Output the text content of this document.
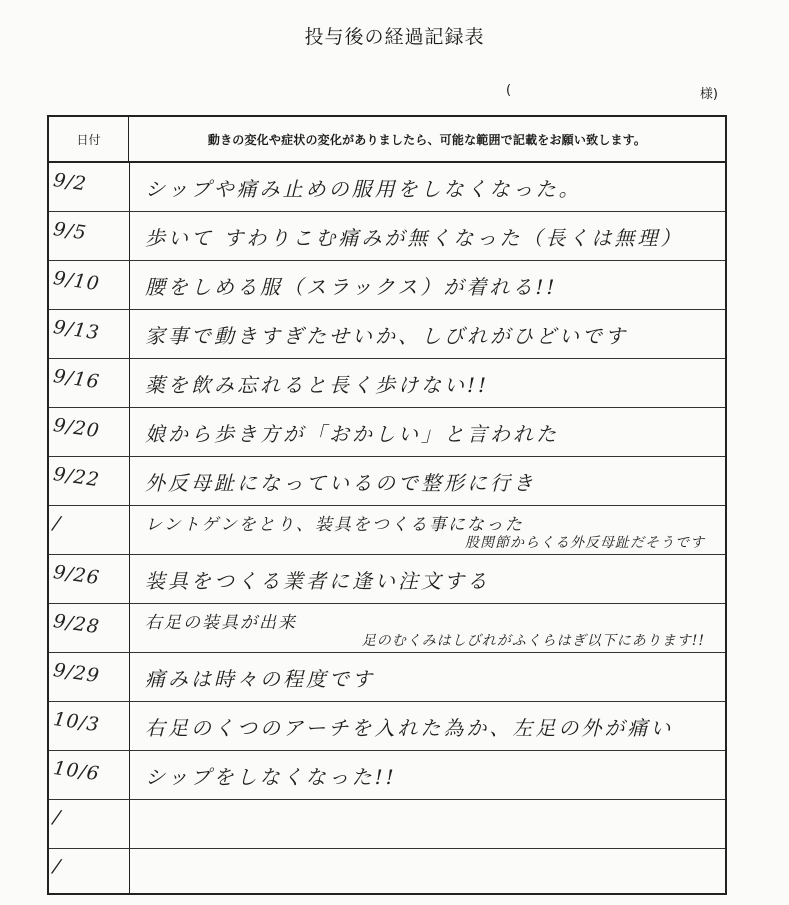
投与後の経過記録表
(	様)
日付	動きの変化や症状の変化がありましたら、可能な範囲で記載をお願い致します。
9/2	シップや痛み止めの服用をしなくなった。
9/5	歩いて すわりこむ痛みが無くなった（長くは無理）
9/10	腰をしめる服（スラックス）が着れる!!
9/13	家事で動きすぎたせいか、しびれがひどいです
9/16	薬を飲み忘れると長く歩けない!!
9/20	娘から歩き方が「おかしい」と言われた
9/22	外反母趾になっているので整形に行き
/	レントゲンをとり、装具をつくる事になった
股関節からくる外反母趾だそうです
9/26	装具をつくる業者に逢い注文する
9/28	右足の装具が出来
足のむくみはしびれがふくらはぎ以下にあります!!
9/29	痛みは時々の程度です
10/3	右足のくつのアーチを入れた為か、左足の外が痛い
10/6	シップをしなくなった!!
/
/
